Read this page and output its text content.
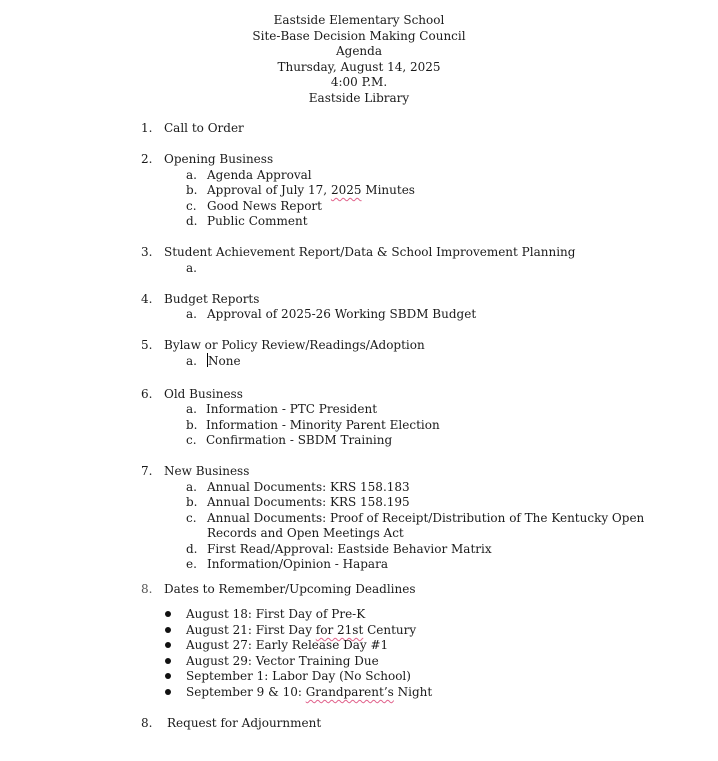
Eastside Elementary School
Site-Base Decision Making Council
Agenda
Thursday, August 14, 2025
4:00 P.M.
Eastside Library
1. Call to Order
2. Opening Business
a. Agenda Approval
b. Approval of July 17, 2025 Minutes
c. Good News Report
d. Public Comment
3. Student Achievement Report/Data & School Improvement Planning
a.
4. Budget Reports
a. Approval of 2025-26 Working SBDM Budget
5. Bylaw or Policy Review/Readings/Adoption
a. None
6. Old Business
a. Information - PTC President
b. Information - Minority Parent Election
c. Confirmation - SBDM Training
7. New Business
a. Annual Documents: KRS 158.183
b. Annual Documents: KRS 158.195
c. Annual Documents: Proof of Receipt/Distribution of The Kentucky Open
Records and Open Meetings Act
d. First Read/Approval: Eastside Behavior Matrix
e. Information/Opinion - Hapara
8. Dates to Remember/Upcoming Deadlines
August 18: First Day of Pre-K
August 21: First Day for 21st Century
August 27: Early Release Day #1
August 29: Vector Training Due
September 1: Labor Day (No School)
September 9 & 10: Grandparent’s Night
8. Request for Adjournment
